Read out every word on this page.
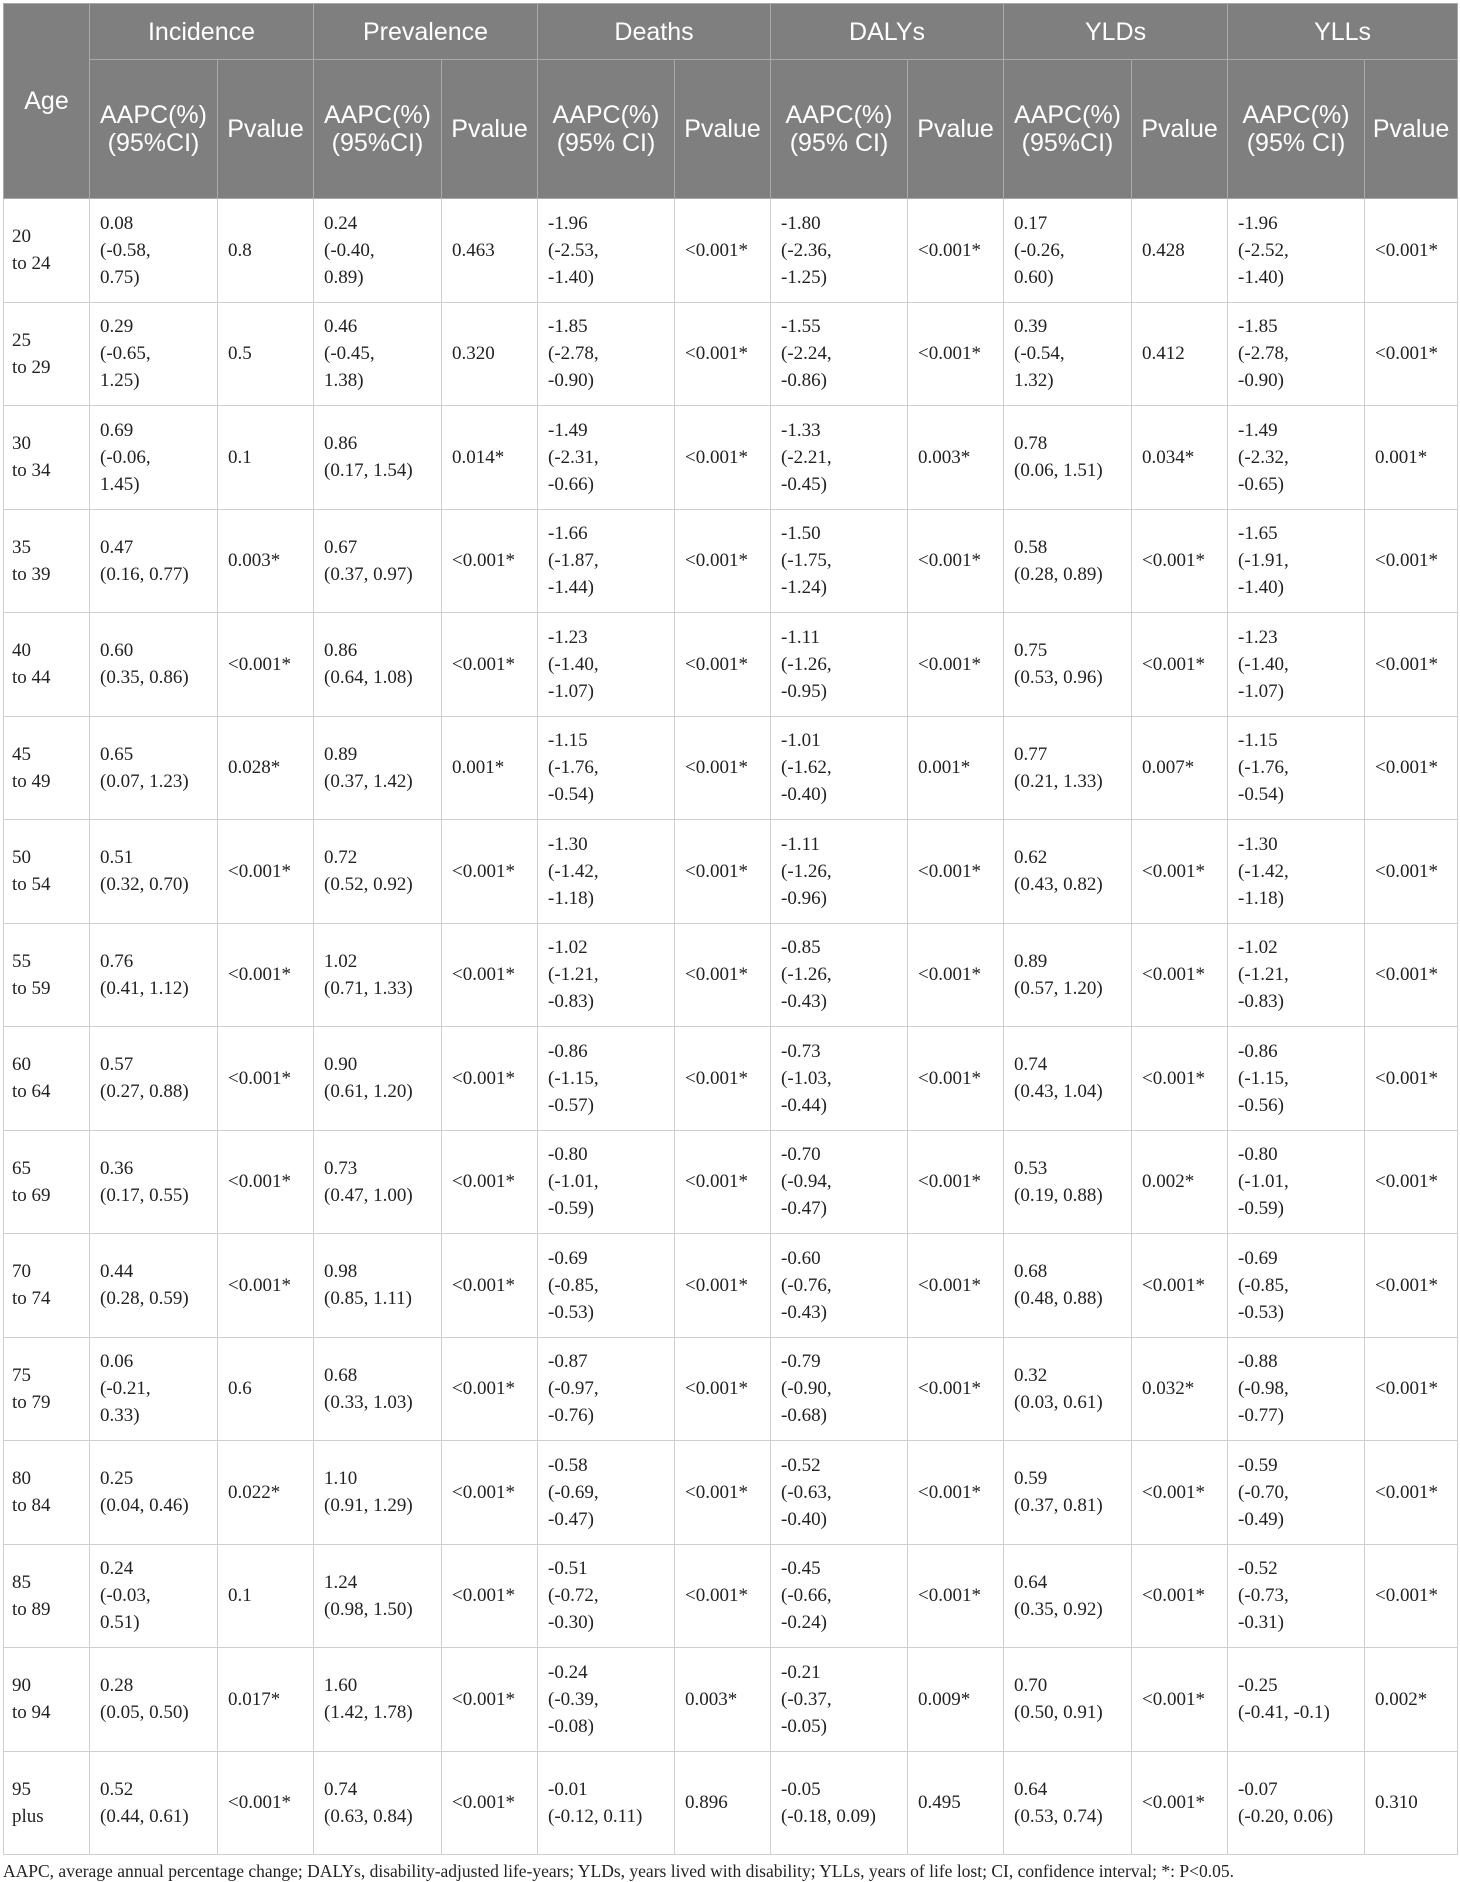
Age	Incidence		Prevalence		Deaths		DALYs		YLDs		YLLs	
	AAPC(%)(95%CI)	Pvalue	AAPC(%)(95%CI)	Pvalue	AAPC(%)(95% CI)	Pvalue	AAPC(%)(95% CI)	Pvalue	AAPC(%)(95%CI)	Pvalue	AAPC(%)(95% CI)	Pvalue

20
to 24	0.08
(-0.58,
0.75)	0.8	0.24
(-0.40,
0.89)	0.463	-1.96
(-2.53,
-1.40)	<0.001*	-1.80
(-2.36,
-1.25)	<0.001*	0.17
(-0.26,
0.60)	0.428	-1.96
(-2.52,
-1.40)	<0.001*

25
to 29	0.29
(-0.65,
1.25)	0.5	0.46
(-0.45,
1.38)	0.320	-1.85
(-2.78,
-0.90)	<0.001*	-1.55
(-2.24,
-0.86)	<0.001*	0.39
(-0.54,
1.32)	0.412	-1.85
(-2.78,
-0.90)	<0.001*

30
to 34	0.69
(-0.06,
1.45)	0.1	0.86
(0.17, 1.54)	0.014*	-1.49
(-2.31,
-0.66)	<0.001*	-1.33
(-2.21,
-0.45)	0.003*	0.78
(0.06, 1.51)	0.034*	-1.49
(-2.32,
-0.65)	0.001*

35
to 39	0.47
(0.16, 0.77)	0.003*	0.67
(0.37, 0.97)	<0.001*	-1.66
(-1.87,
-1.44)	<0.001*	-1.50
(-1.75,
-1.24)	<0.001*	0.58
(0.28, 0.89)	<0.001*	-1.65
(-1.91,
-1.40)	<0.001*

40
to 44	0.60
(0.35, 0.86)	<0.001*	0.86
(0.64, 1.08)	<0.001*	-1.23
(-1.40,
-1.07)	<0.001*	-1.11
(-1.26,
-0.95)	<0.001*	0.75
(0.53, 0.96)	<0.001*	-1.23
(-1.40,
-1.07)	<0.001*

45
to 49	0.65
(0.07, 1.23)	0.028*	0.89
(0.37, 1.42)	0.001*	-1.15
(-1.76,
-0.54)	<0.001*	-1.01
(-1.62,
-0.40)	0.001*	0.77
(0.21, 1.33)	0.007*	-1.15
(-1.76,
-0.54)	<0.001*

50
to 54	0.51
(0.32, 0.70)	<0.001*	0.72
(0.52, 0.92)	<0.001*	-1.30
(-1.42,
-1.18)	<0.001*	-1.11
(-1.26,
-0.96)	<0.001*	0.62
(0.43, 0.82)	<0.001*	-1.30
(-1.42,
-1.18)	<0.001*

55
to 59	0.76
(0.41, 1.12)	<0.001*	1.02
(0.71, 1.33)	<0.001*	-1.02
(-1.21,
-0.83)	<0.001*	-0.85
(-1.26,
-0.43)	<0.001*	0.89
(0.57, 1.20)	<0.001*	-1.02
(-1.21,
-0.83)	<0.001*

60
to 64	0.57
(0.27, 0.88)	<0.001*	0.90
(0.61, 1.20)	<0.001*	-0.86
(-1.15,
-0.57)	<0.001*	-0.73
(-1.03,
-0.44)	<0.001*	0.74
(0.43, 1.04)	<0.001*	-0.86
(-1.15,
-0.56)	<0.001*

65
to 69	0.36
(0.17, 0.55)	<0.001*	0.73
(0.47, 1.00)	<0.001*	-0.80
(-1.01,
-0.59)	<0.001*	-0.70
(-0.94,
-0.47)	<0.001*	0.53
(0.19, 0.88)	0.002*	-0.80
(-1.01,
-0.59)	<0.001*

70
to 74	0.44
(0.28, 0.59)	<0.001*	0.98
(0.85, 1.11)	<0.001*	-0.69
(-0.85,
-0.53)	<0.001*	-0.60
(-0.76,
-0.43)	<0.001*	0.68
(0.48, 0.88)	<0.001*	-0.69
(-0.85,
-0.53)	<0.001*

75
to 79	0.06
(-0.21,
0.33)	0.6	0.68
(0.33, 1.03)	<0.001*	-0.87
(-0.97,
-0.76)	<0.001*	-0.79
(-0.90,
-0.68)	<0.001*	0.32
(0.03, 0.61)	0.032*	-0.88
(-0.98,
-0.77)	<0.001*

80
to 84	0.25
(0.04, 0.46)	0.022*	1.10
(0.91, 1.29)	<0.001*	-0.58
(-0.69,
-0.47)	<0.001*	-0.52
(-0.63,
-0.40)	<0.001*	0.59
(0.37, 0.81)	<0.001*	-0.59
(-0.70,
-0.49)	<0.001*

85
to 89	0.24
(-0.03,
0.51)	0.1	1.24
(0.98, 1.50)	<0.001*	-0.51
(-0.72,
-0.30)	<0.001*	-0.45
(-0.66,
-0.24)	<0.001*	0.64
(0.35, 0.92)	<0.001*	-0.52
(-0.73,
-0.31)	<0.001*

90
to 94	0.28
(0.05, 0.50)	0.017*	1.60
(1.42, 1.78)	<0.001*	-0.24
(-0.39,
-0.08)	0.003*	-0.21
(-0.37,
-0.05)	0.009*	0.70
(0.50, 0.91)	<0.001*	-0.25
(-0.41, -0.1)	0.002*

95
plus	0.52
(0.44, 0.61)	<0.001*	0.74
(0.63, 0.84)	<0.001*	-0.01
(-0.12, 0.11)	0.896	-0.05
(-0.18, 0.09)	0.495	0.64
(0.53, 0.74)	<0.001*	-0.07
(-0.20, 0.06)	0.310
AAPC, average annual percentage change; DALYs, disability-adjusted life-years; YLDs, years lived with disability; YLLs, years of life lost; CI, confidence interval; *: P<0.05.
